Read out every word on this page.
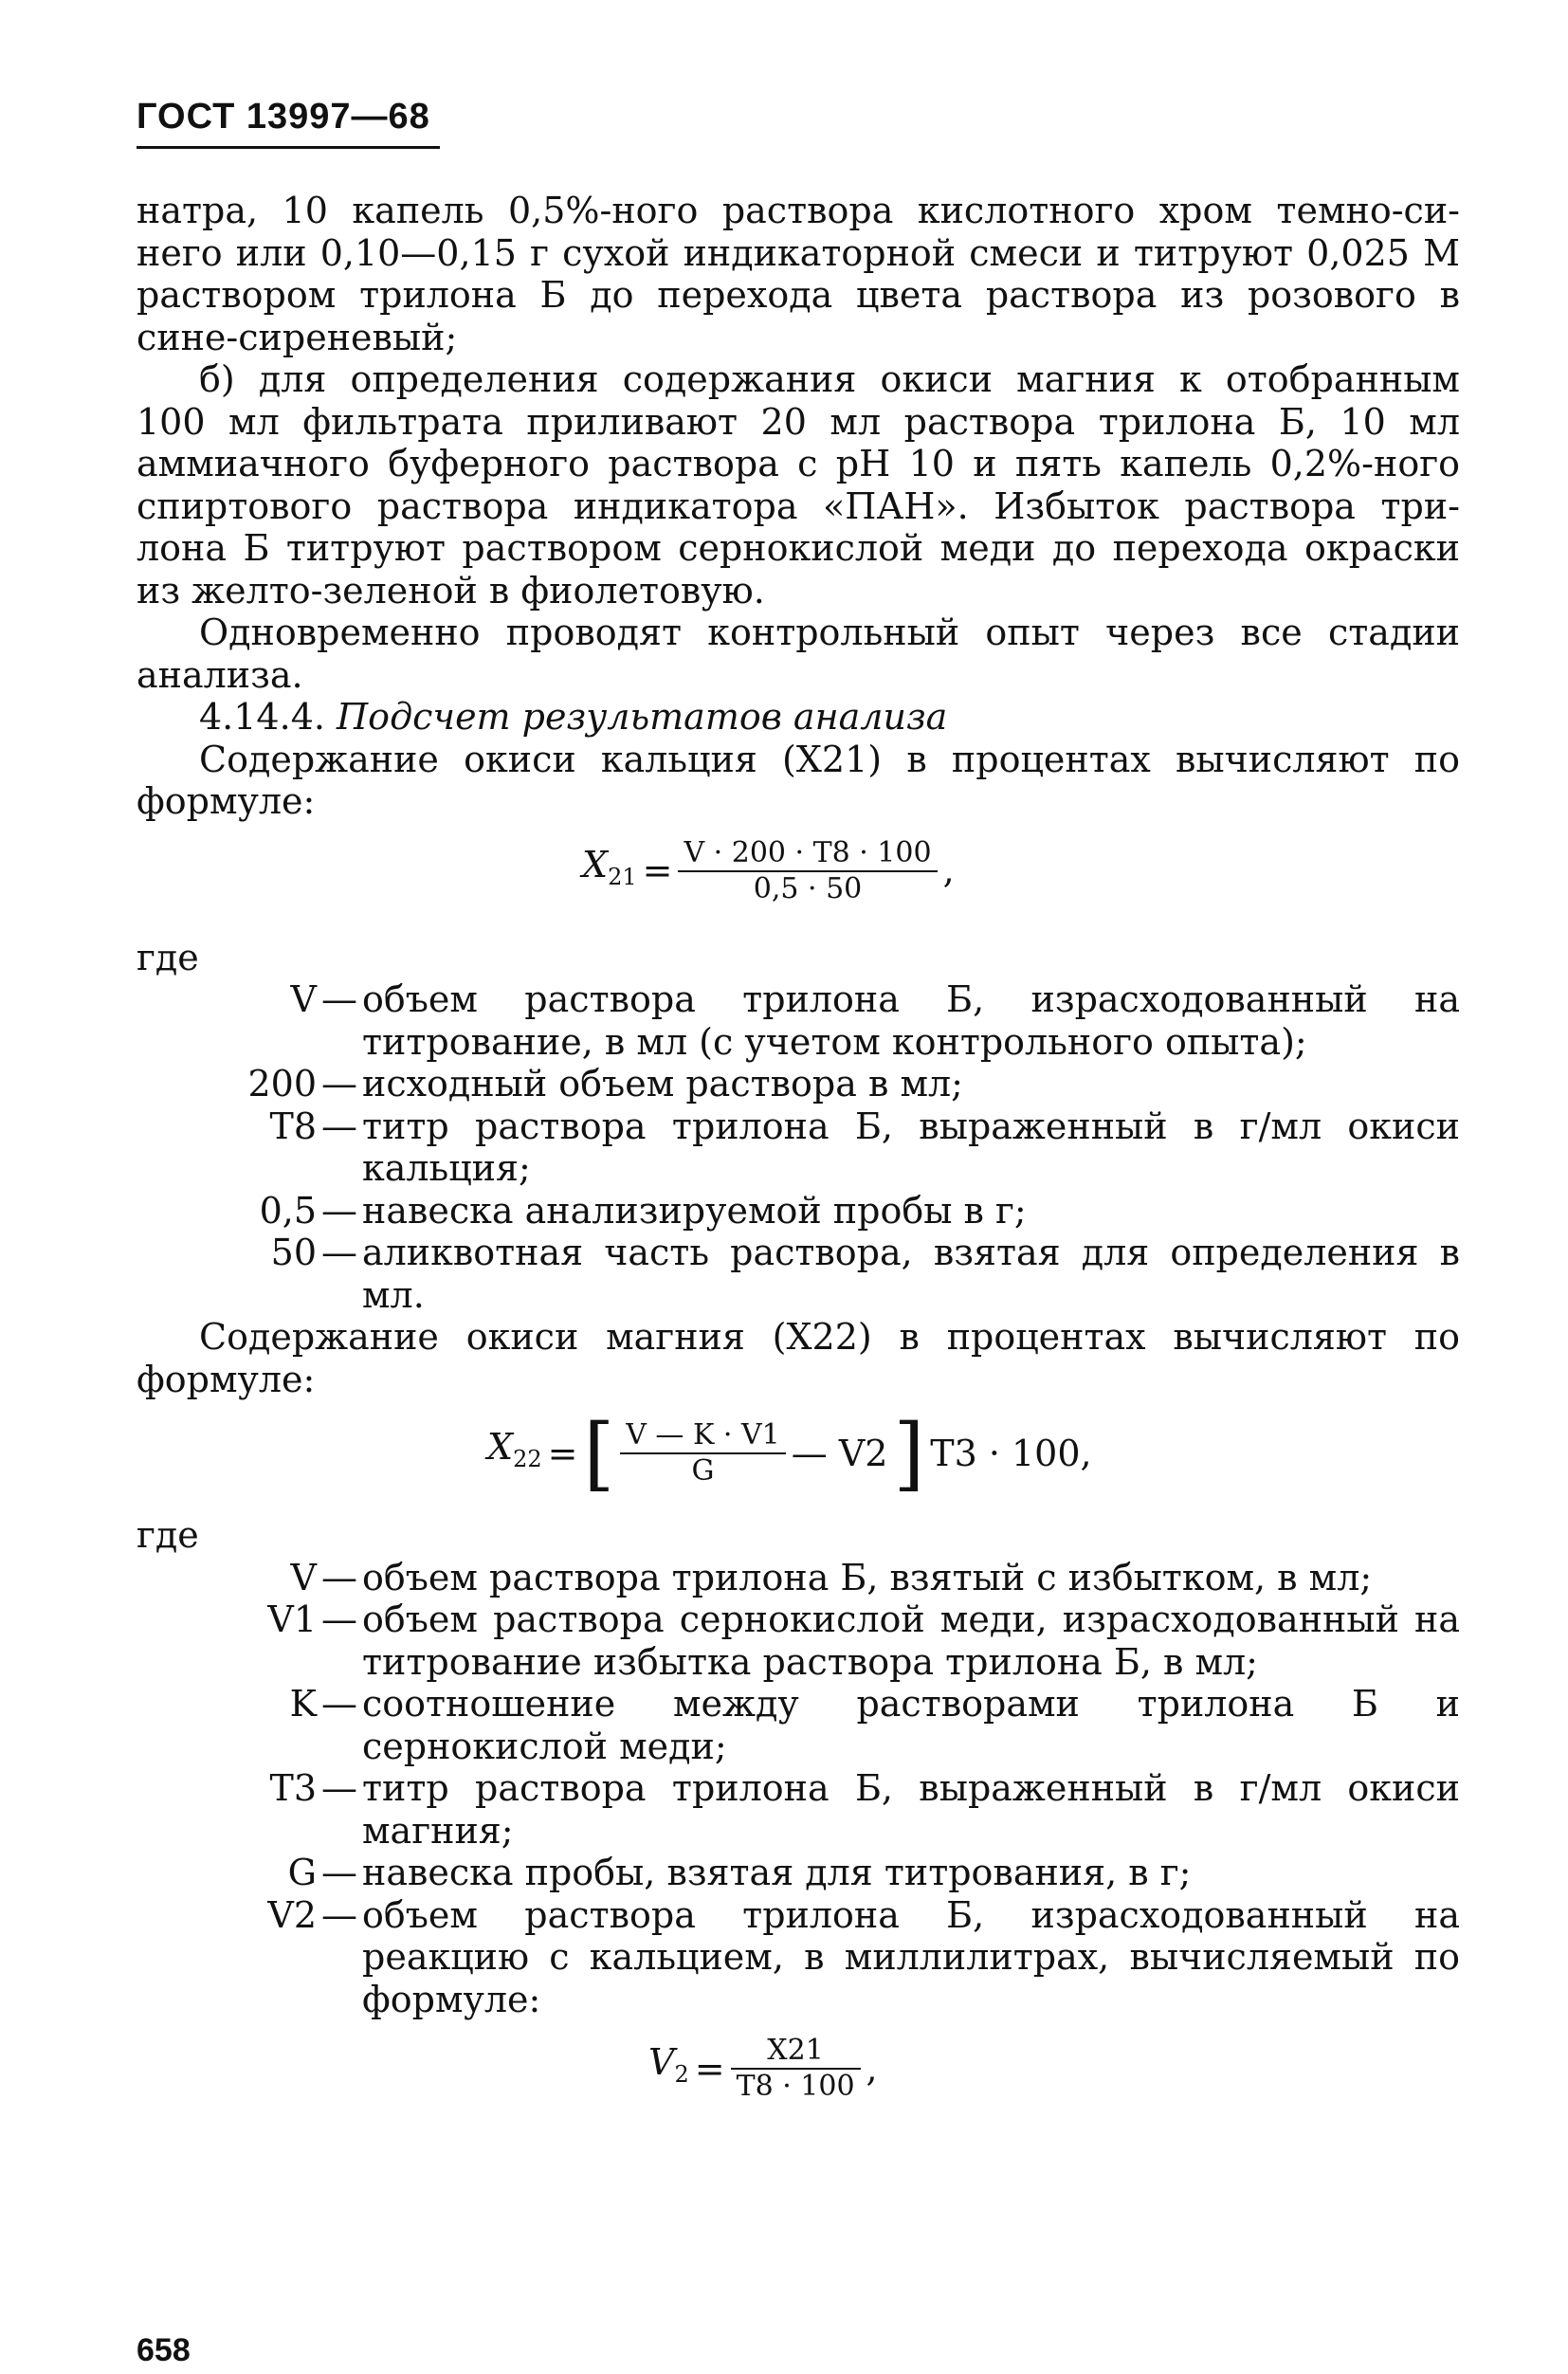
ГОСТ 13997—68

натра, 10 капель 0,5%-ного раствора кислотного хром темно-си-
него или 0,10—0,15 г сухой индикаторной смеси и титруют 0,025 М
раствором трилона Б до перехода цвета раствора из розового в
сине-сиреневый;

б) для определения содержания окиси магния к отобранным
100 мл фильтрата приливают 20 мл раствора трилона Б, 10 мл
аммиачного буферного раствора с рН 10 и пять капель 0,2%-ного
спиртового раствора индикатора «ПАН». Избыток раствора три-
лона Б титруют раствором сернокислой меди до перехода окраски
из желто-зеленой в фиолетовую.

Одновременно проводят контрольный опыт через все стадии
анализа.

4.14.4. Подсчет результатов анализа

Содержание окиси кальция (X21) в процентах вычисляют по
формуле:

$X_{21} = \frac{V \cdot 200 \cdot T8 \cdot 100}{0,5 \cdot 50}$ ,

где

V — объем раствора трилона Б, израсходованный на титрование, в мл (с учетом контрольного опыта);
200 — исходный объем раствора в мл;
T8 — титр раствора трилона Б, выраженный в г/мл окиси кальция;
0,5 — навеска анализируемой пробы в г;
50 — аликвотная часть раствора, взятая для определения в мл.

Содержание окиси магния (X22) в процентах вычисляют по
формуле:

$X_{22}$ = [ $\frac{V — K \cdot V1}{G}$ — V2 ] T3 · 100,

где

V — объем раствора трилона Б, взятый с избытком, в мл;
V1 — объем раствора сернокислой меди, израсходованный на титрование избытка раствора трилона Б, в мл;
K — соотношение между растворами трилона Б и сернокислой меди;
T3 — титр раствора трилона Б, выраженный в г/мл окиси магния;
G — навеска пробы, взятая для титрования, в г;
V2 — объем раствора трилона Б, израсходованный на реакцию с кальцием, в миллилитрах, вычисляемый по формуле:
$V_2 = \frac{X21}{T8 \cdot 100}$ ,
658
